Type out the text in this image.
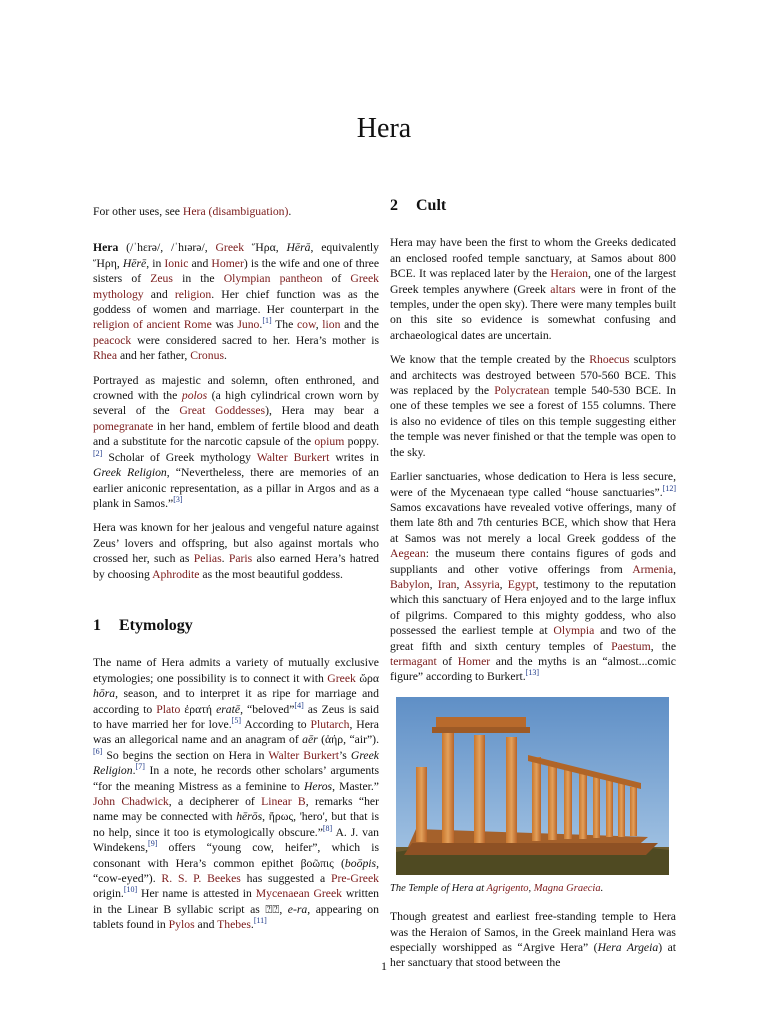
Hera

For other uses, see Hera (disambiguation).

Hera (/ˈhɛrə/, /ˈhɪərə/, Greek Ἥρα, Hērā, equivalently Ἥρη, Hērē, in Ionic and Homer) is the wife and one of three sisters of Zeus in the Olympian pantheon of Greek mythology and religion. Her chief function was as the goddess of women and marriage. Her counterpart in the religion of ancient Rome was Juno.[1] The cow, lion and the peacock were considered sacred to her. Hera’s mother is Rhea and her father, Cronus.

Portrayed as majestic and solemn, often enthroned, and crowned with the polos (a high cylindrical crown worn by several of the Great Goddesses), Hera may bear a pomegranate in her hand, emblem of fertile blood and death and a substitute for the narcotic capsule of the opium poppy.[2] Scholar of Greek mythology Walter Burkert writes in Greek Religion, “Nevertheless, there are memories of an earlier aniconic representation, as a pillar in Argos and as a plank in Samos.”[3]

Hera was known for her jealous and vengeful nature against Zeus’ lovers and offspring, but also against mortals who crossed her, such as Pelias. Paris also earned Hera’s hatred by choosing Aphrodite as the most beautiful goddess.

1 Etymology

The name of Hera admits a variety of mutually exclusive etymologies; one possibility is to connect it with Greek ὥρα hōra, season, and to interpret it as ripe for marriage and according to Plato ἐρατή eratē, “beloved”[4] as Zeus is said to have married her for love.[5] According to Plutarch, Hera was an allegorical name and an anagram of aēr (ἀήρ, “air”).[6] So begins the section on Hera in Walter Burkert’s Greek Religion.[7] In a note, he records other scholars’ arguments “for the meaning Mistress as a feminine to Heros, Master.” John Chadwick, a decipherer of Linear B, remarks “her name may be connected with hērōs, ἥρως, 'hero', but that is no help, since it too is etymologically obscure.”[8] A. J. van Windekens,[9] offers “young cow, heifer”, which is consonant with Hera’s common epithet βοῶπις (boōpis, “cow-eyed”). R. S. P. Beekes has suggested a Pre-Greek origin.[10] Her name is attested in Mycenaean Greek written in the Linear B syllabic script as ⍰⍰, e-ra, appearing on tablets found in Pylos and Thebes.[11]

2 Cult

Hera may have been the first to whom the Greeks dedicated an enclosed roofed temple sanctuary, at Samos about 800 BCE. It was replaced later by the Heraion, one of the largest Greek temples anywhere (Greek altars were in front of the temples, under the open sky). There were many temples built on this site so evidence is somewhat confusing and archaeological dates are uncertain.

We know that the temple created by the Rhoecus sculptors and architects was destroyed between 570-560 BCE. This was replaced by the Polycratean temple 540-530 BCE. In one of these temples we see a forest of 155 columns. There is also no evidence of tiles on this temple suggesting either the temple was never finished or that the temple was open to the sky.

Earlier sanctuaries, whose dedication to Hera is less secure, were of the Mycenaean type called “house sanctuaries”.[12] Samos excavations have revealed votive offerings, many of them late 8th and 7th centuries BCE, which show that Hera at Samos was not merely a local Greek goddess of the Aegean: the museum there contains figures of gods and suppliants and other votive offerings from Armenia, Babylon, Iran, Assyria, Egypt, testimony to the reputation which this sanctuary of Hera enjoyed and to the large influx of pilgrims. Compared to this mighty goddess, who also possessed the earliest temple at Olympia and two of the great fifth and sixth century temples of Paestum, the termagant of Homer and the myths is an “almost...comic figure” according to Burkert.[13]

The Temple of Hera at Agrigento, Magna Graecia.

Though greatest and earliest free-standing temple to Hera was the Heraion of Samos, in the Greek mainland Hera was especially worshipped as “Argive Hera” (Hera Argeia) at her sanctuary that stood between the

1
